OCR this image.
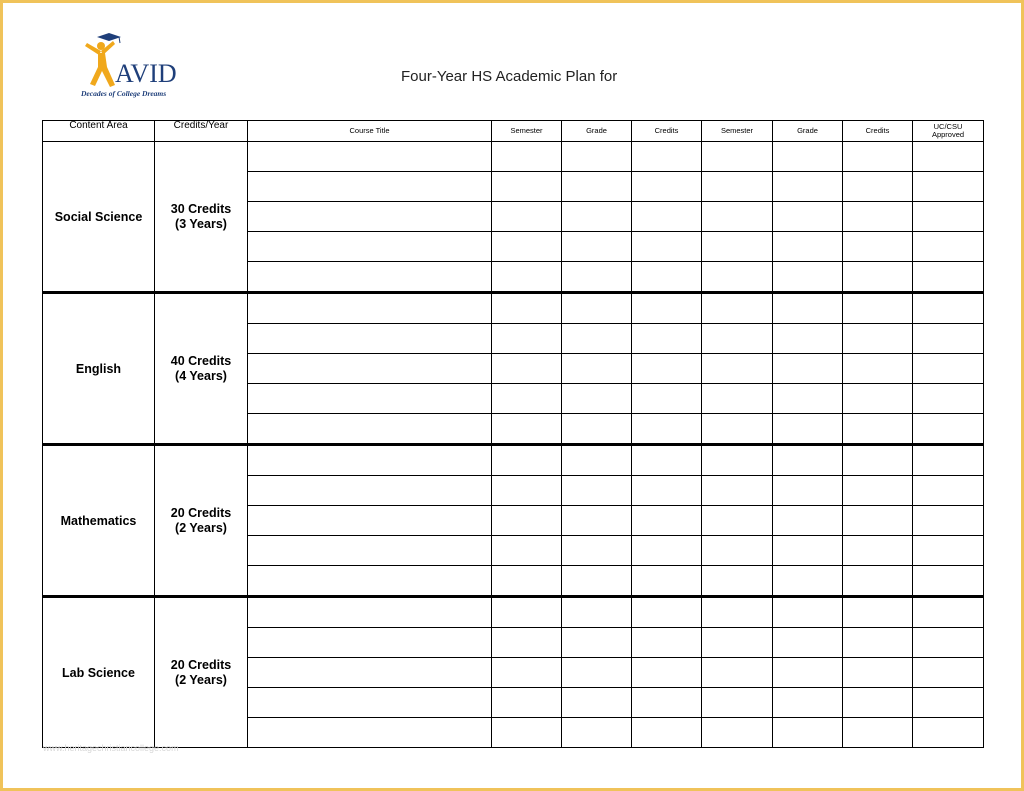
AVID
Decades of College Dreams
Four-Year HS Academic Plan for
Content Area	Credits/Year	Course Title	Semester	Grade	Credits	Semester	Grade	Credits	UC/CSU
Approved
Social Science	30 Credits
(3 Years)								

English	40 Credits
(4 Years)								

Mathematics	20 Credits
(2 Years)								

Lab Science	20 Credits
(2 Years)								

www.heritagechristiancollege.com
